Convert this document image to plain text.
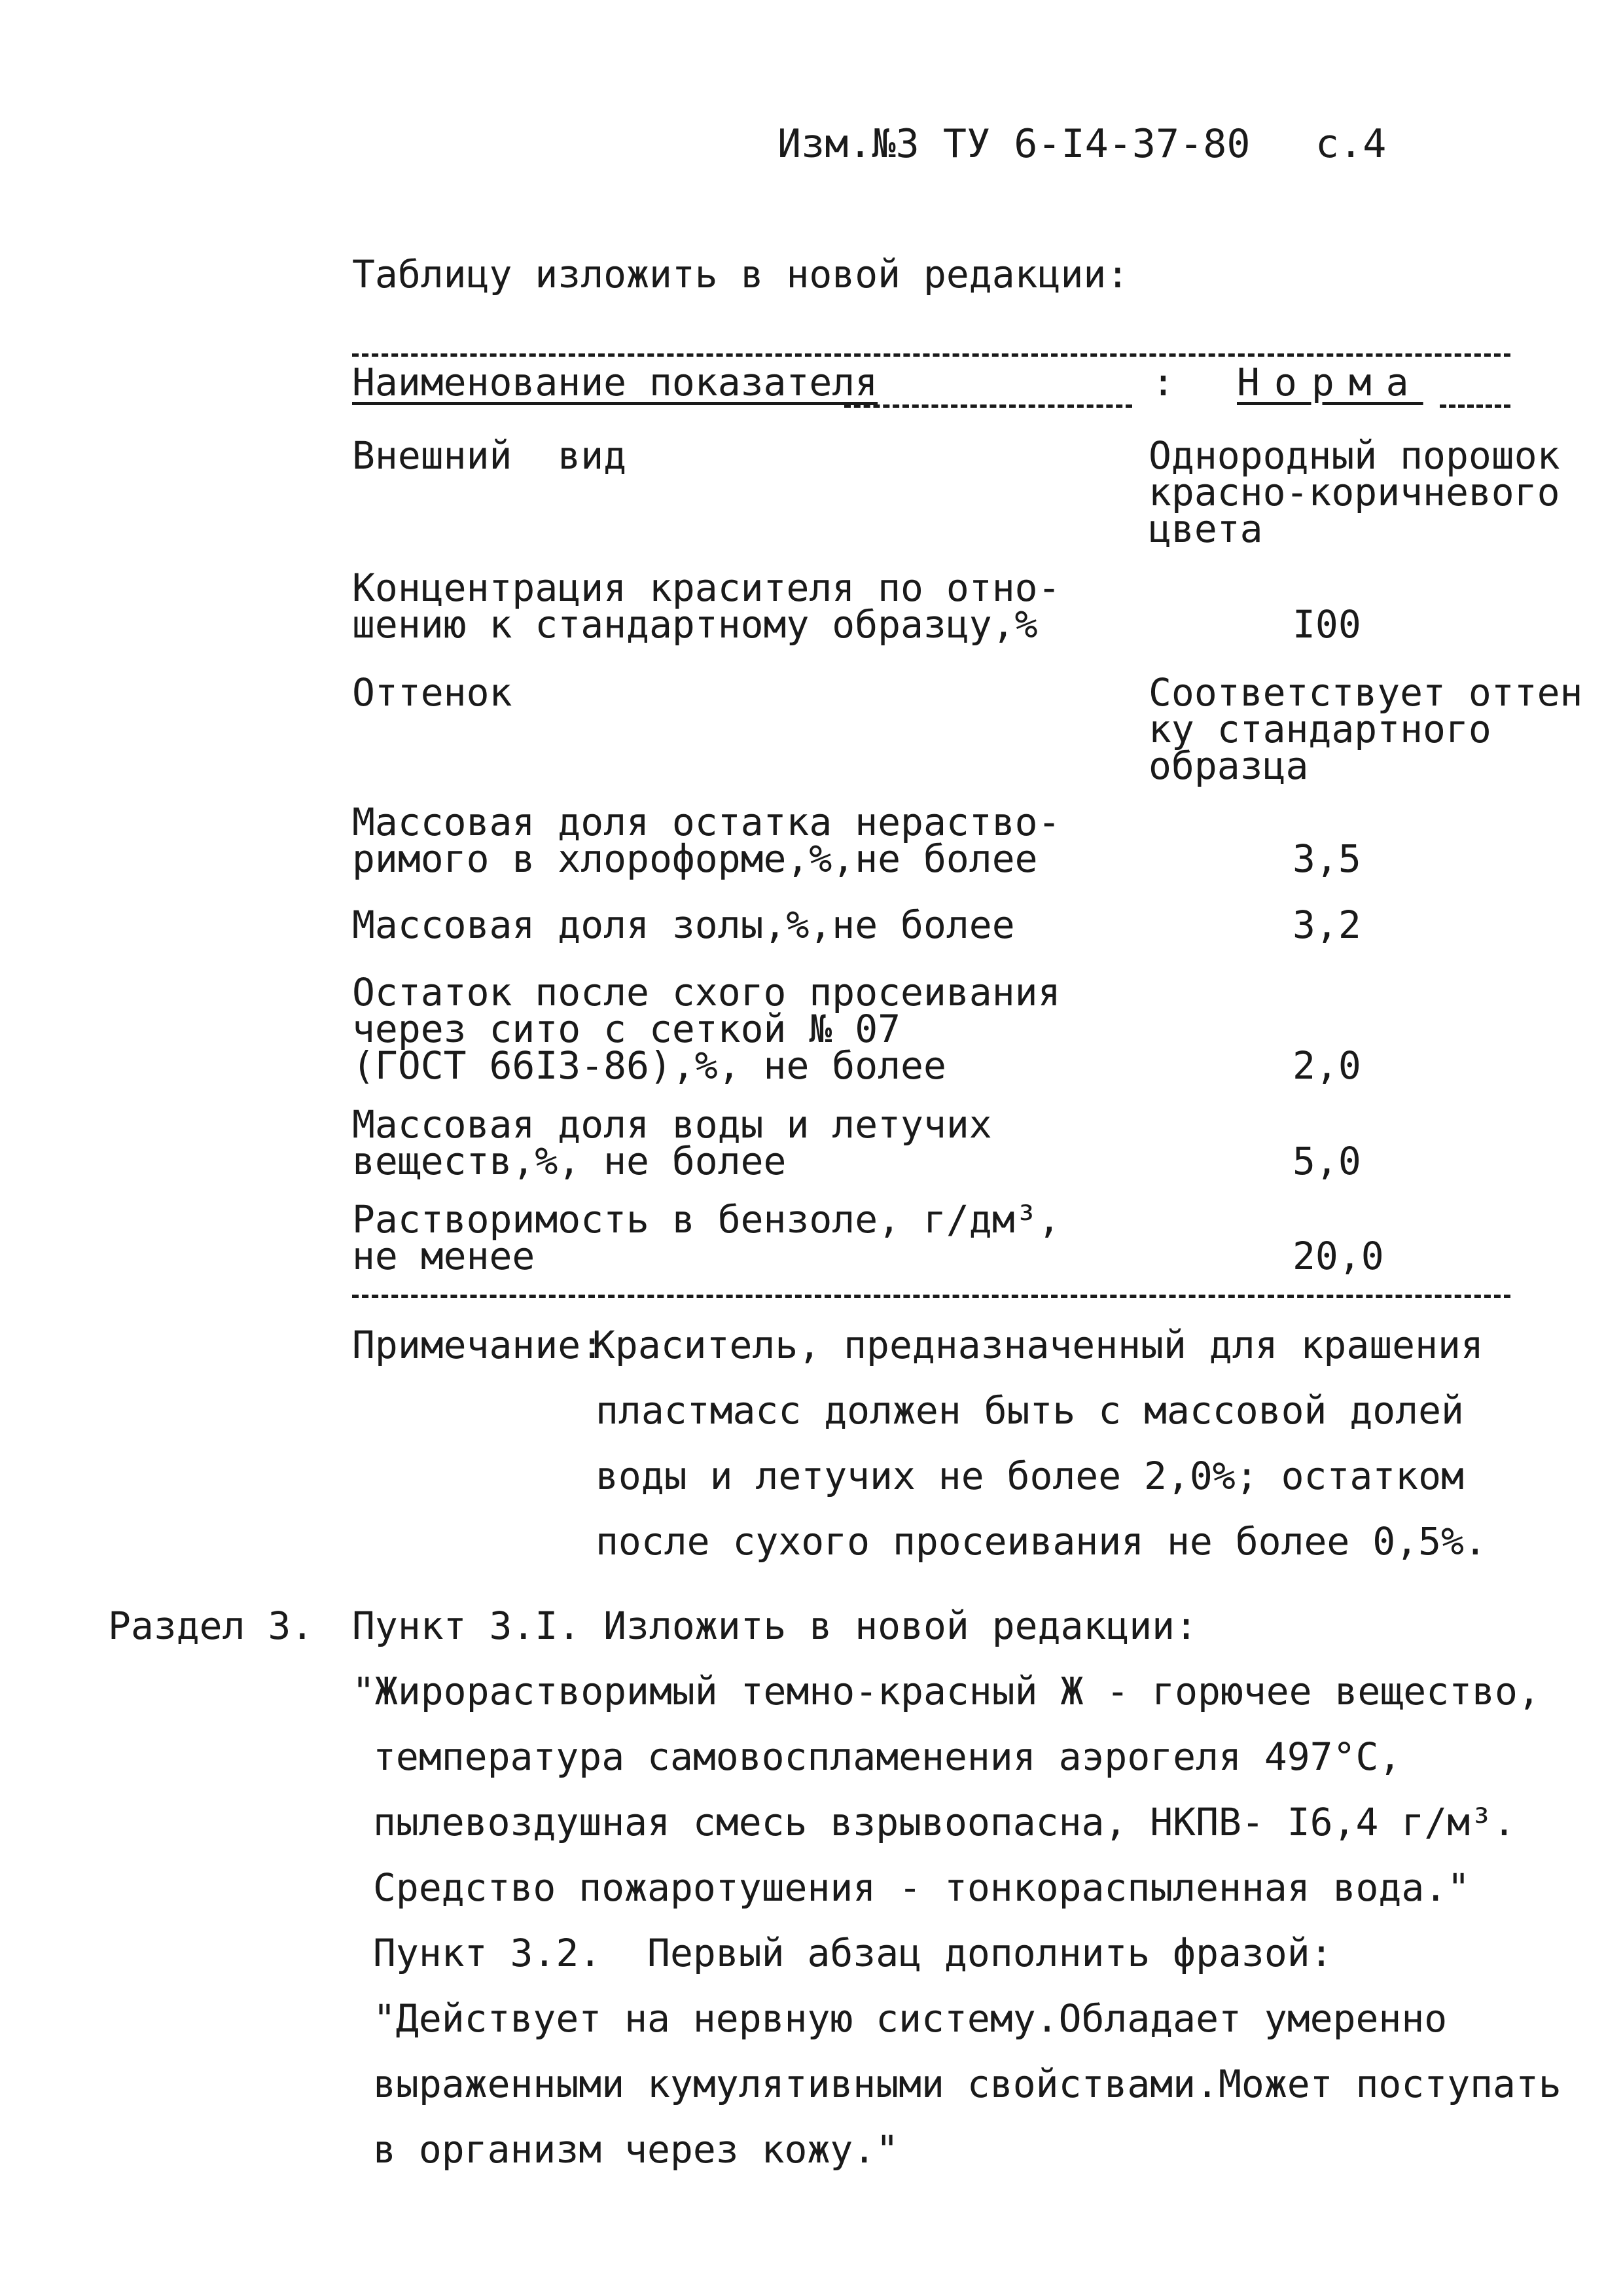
Изм.№3 ТУ 6-I4-37-80 с.4
Таблицу изложить в новой редакции:
Наименование показателя	: Норма
Внешний  вид	Однородный порошок
красно-коричневого
цвета
Концентрация красителя по отно-
шению к стандартному образцу,%	I00
Оттенок	Соответствует оттен
ку стандартного
образца
Массовая доля остатка нераство-
римого в хлороформе,%,не более	3,5
Массовая доля золы,%,не более	3,2
Остаток после схого просеивания
через сито с сеткой № 07
(ГОСТ 66I3-86),%, не более	2,0
Массовая доля воды и летучих
веществ,%, не более	5,0
Растворимость в бензоле, г/дм³,
не менее	20,0
Примечание:
Краситель, предназначенный для крашения
пластмасс должен быть с массовой долей
воды и летучих не более 2,0%; остатком
после сухого просеивания не более 0,5%.
Раздел 3. Пункт 3.I. Изложить в новой редакции:
"Жирорастворимый темно-красный Ж - горючее вещество,
температура самовоспламенения аэрогеля 497°С,
пылевоздушная смесь взрывоопасна, НКПВ- I6,4 г/м³.
Средство пожаротушения - тонкораспыленная вода."
Пункт 3.2.  Первый абзац дополнить фразой:
"Действует на нервную систему.Обладает умеренно
выраженными кумулятивными свойствами.Может поступать
в организм через кожу."
